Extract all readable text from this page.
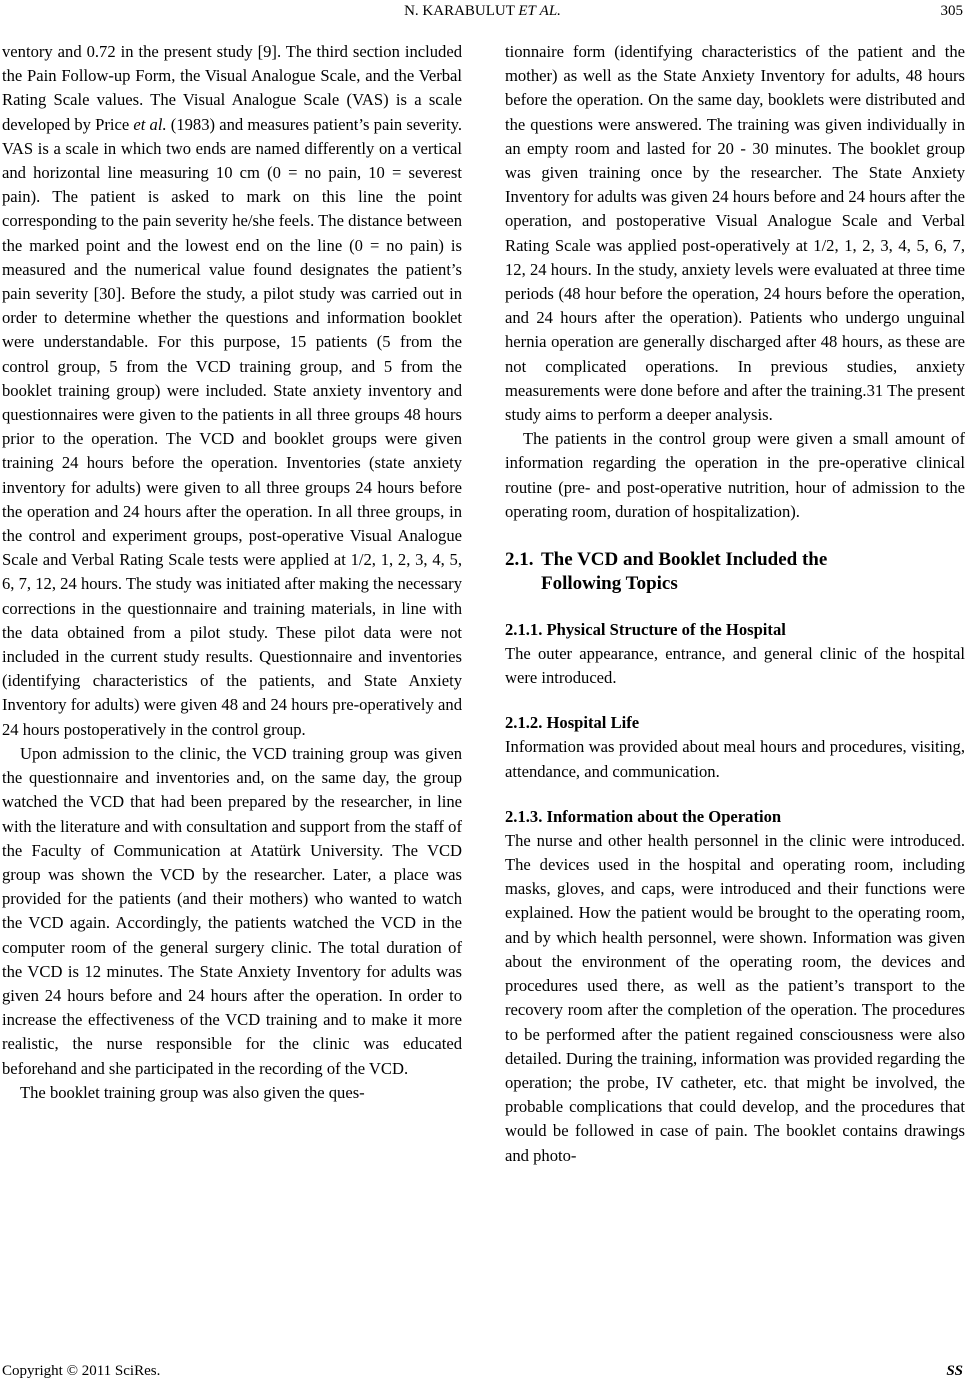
N. KARABULUT ET AL.	305

ventory and 0.72 in the present study [9]. The third section included the Pain Follow-up Form, the Visual Analogue Scale, and the Verbal Rating Scale values. The Visual Analogue Scale (VAS) is a scale developed by Price et al. (1983) and measures patient’s pain severity. VAS is a scale in which two ends are named differently on a vertical and horizontal line measuring 10 cm (0 = no pain, 10 = severest pain). The patient is asked to mark on this line the point corresponding to the pain severity he/she feels. The distance between the marked point and the lowest end on the line (0 = no pain) is measured and the numerical value found designates the patient’s pain severity [30]. Before the study, a pilot study was carried out in order to determine whether the questions and information booklet were understandable. For this purpose, 15 patients (5 from the control group, 5 from the VCD training group, and 5 from the booklet training group) were included. State anxiety inventory and questionnaires were given to the patients in all three groups 48 hours prior to the operation. The VCD and booklet groups were given training 24 hours before the operation. Inventories (state anxiety inventory for adults) were given to all three groups 24 hours before the operation and 24 hours after the operation. In all three groups, in the control and experiment groups, post-operative Visual Analogue Scale and Verbal Rating Scale tests were applied at 1/2, 1, 2, 3, 4, 5, 6, 7, 12, 24 hours. The study was initiated after making the necessary corrections in the questionnaire and training materials, in line with the data obtained from a pilot study. These pilot data were not included in the current study results. Questionnaire and inventories (identifying characteristics of the patients, and State Anxiety Inventory for adults) were given 48 and 24 hours pre-operatively and 24 hours postoperatively in the control group.

Upon admission to the clinic, the VCD training group was given the questionnaire and inventories and, on the same day, the group watched the VCD that had been prepared by the researcher, in line with the literature and with consultation and support from the staff of the Faculty of Communication at Atatürk University. The VCD group was shown the VCD by the researcher. Later, a place was provided for the patients (and their mothers) who wanted to watch the VCD again. Accordingly, the patients watched the VCD in the computer room of the general surgery clinic. The total duration of the VCD is 12 minutes. The State Anxiety Inventory for adults was given 24 hours before and 24 hours after the operation. In order to increase the effectiveness of the VCD training and to make it more realistic, the nurse responsible for the clinic was educated beforehand and she participated in the recording of the VCD.

The booklet training group was also given the ques-

tionnaire form (identifying characteristics of the patient and the mother) as well as the State Anxiety Inventory for adults, 48 hours before the operation. On the same day, booklets were distributed and the questions were answered. The training was given individually in an empty room and lasted for 20 - 30 minutes. The booklet group was given training once by the researcher. The State Anxiety Inventory for adults was given 24 hours before and 24 hours after the operation, and postoperative Visual Analogue Scale and Verbal Rating Scale was applied post-operatively at 1/2, 1, 2, 3, 4, 5, 6, 7, 12, 24 hours. In the study, anxiety levels were evaluated at three time periods (48 hour before the operation, 24 hours before the operation, and 24 hours after the operation). Patients who undergo unguinal hernia operation are generally discharged after 48 hours, as these are not complicated operations. In previous studies, anxiety measurements were done before and after the training.31 The present study aims to perform a deeper analysis.

The patients in the control group were given a small amount of information regarding the operation in the pre-operative clinical routine (pre- and post-operative nutrition, hour of admission to the operating room, duration of hospitalization).

2.1. The VCD and Booklet Included the
Following Topics
2.1.1. Physical Structure of the Hospital

The outer appearance, entrance, and general clinic of the hospital were introduced.

2.1.2. Hospital Life

Information was provided about meal hours and procedures, visiting, attendance, and communication.

2.1.3. Information about the Operation

The nurse and other health personnel in the clinic were introduced. The devices used in the hospital and operating room, including masks, gloves, and caps, were introduced and their functions were explained. How the patient would be brought to the operating room, and by which health personnel, were shown. Information was given about the environment of the operating room, the devices and procedures used there, as well as the patient’s transport to the recovery room after the completion of the operation. The procedures to be performed after the patient regained consciousness were also detailed. During the training, information was provided regarding the operation; the probe, IV catheter, etc. that might be involved, the probable complications that could develop, and the procedures that would be followed in case of pain. The booklet contains drawings and photo-

Copyright © 2011 SciRes.	SS
